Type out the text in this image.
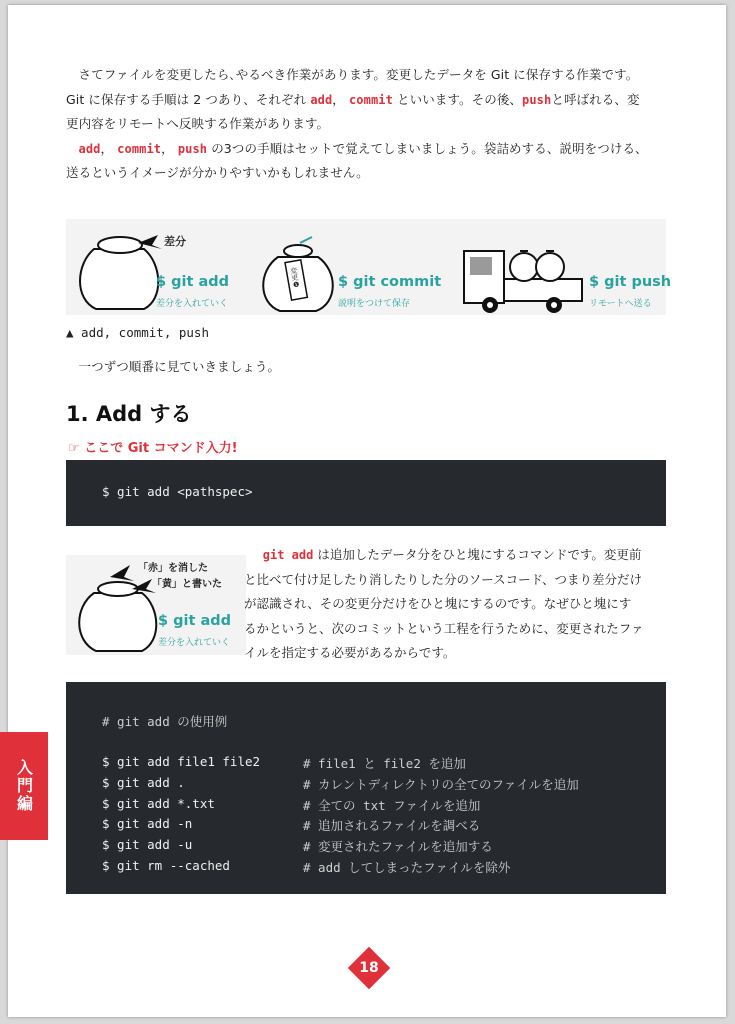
さてファイルを変更したら､やるべき作業があります。変更したデータを Git に保存する作業です。
Git に保存する手順は 2 つあり、それぞれ add， commit といいます。その後、pushと呼ばれる、変
更内容をリモートへ反映する作業があります。
add， commit， push の3つの手順はセットで覚えてしまいましょう。袋詰めする、説明をつける、
送るというイメージが分かりやすいかもしれません。
差分
$ git add
差分を入れていく
変更❶	$ git commit
説明をつけて保存
$ git push
リモートへ送る
▲ add, commit, push
一つずつ順番に見ていきましょう。
1. Add する
☞ ここで Git コマンド入力!
$ git add <pathspec>
「赤」を消した
「黄」と書いた
$ git add
差分を入れていく
git add は追加したデータ分をひと塊にするコマンドです。変更前
と比べて付け足したり消したりした分のソースコード、つまり差分だけ
が認識され、その変更分だけをひと塊にするのです。なぜひと塊にす
るかというと、次のコミットという工程を行うために、変更されたファ
イルを指定する必要があるからです。
# git add の使用例
$ git add file1 file2	# file1 と file2 を追加
$ git add .	# カレントディレクトリの全てのファイルを追加
$ git add *.txt	# 全ての txt ファイルを追加
$ git add -n	# 追加されるファイルを調べる
$ git add -u	# 変更されたファイルを追加する
$ git rm --cached	# add してしまったファイルを除外
18
入門編
